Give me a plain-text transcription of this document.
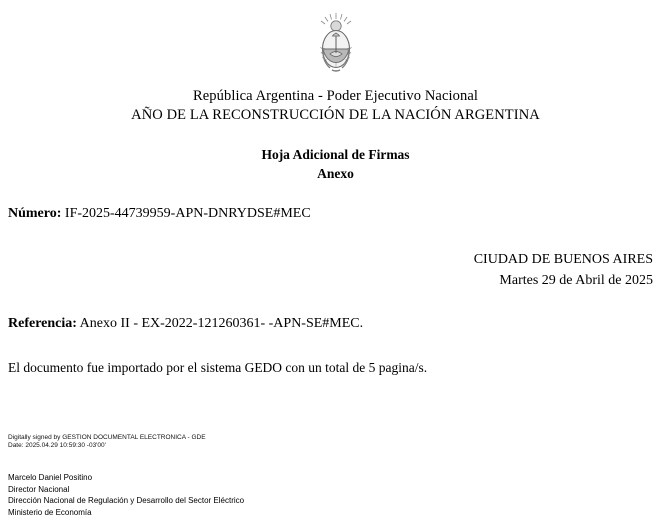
República Argentina - Poder Ejecutivo Nacional
AÑO DE LA RECONSTRUCCIÓN DE LA NACIÓN ARGENTINA
Hoja Adicional de Firmas
Anexo
Número: IF-2025-44739959-APN-DNRYDSE#MEC
CIUDAD DE BUENOS AIRES
Martes 29 de Abril de 2025
Referencia: Anexo II - EX-2022-121260361- -APN-SE#MEC.
El documento fue importado por el sistema GEDO con un total de 5 pagina/s.
Digitally signed by GESTION DOCUMENTAL ELECTRONICA - GDE
Date: 2025.04.29 10:59:30 -03'00'
Marcelo Daniel Positino
Director Nacional
Dirección Nacional de Regulación y Desarrollo del Sector Eléctrico
Ministerio de Economía
